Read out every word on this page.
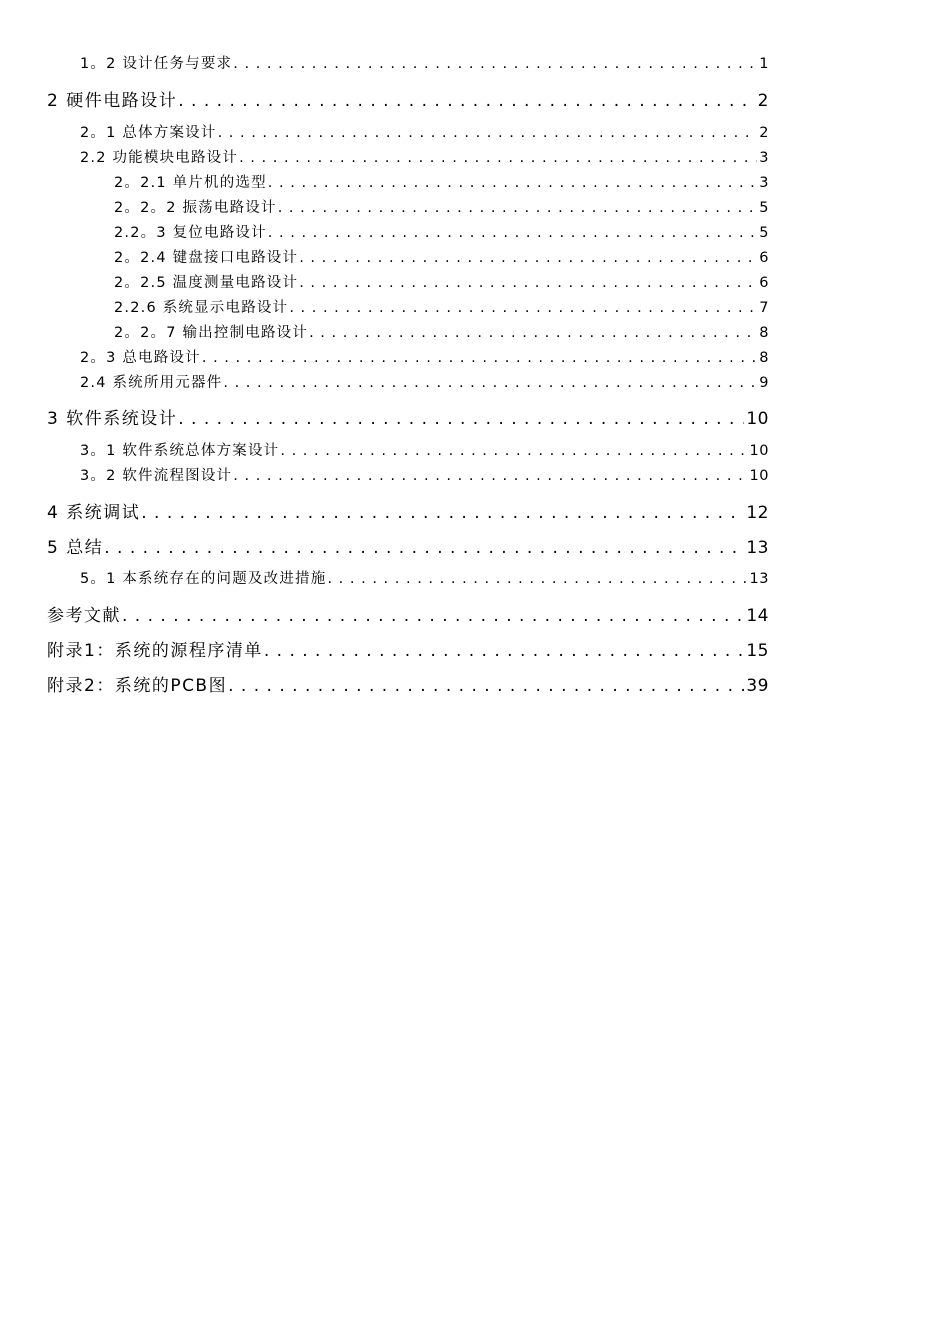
1。2 设计任务与要求 . . .	1
2 硬件电路设计 . . .	2
2。1 总体方案设计 . . .	2
2.2 功能模块电路设计 . . .	3
2。2.1 单片机的选型 . . .	3
2。2。2 振荡电路设计 . . .	5
2.2。3 复位电路设计 . . .	5
2。2.4 键盘接口电路设计 . . .	6
2。2.5 温度测量电路设计 . . .	6
2.2.6 系统显示电路设计 . . .	7
2。2。7 输出控制电路设计 . . .	8
2。3 总电路设计 . . .	8
2.4 系统所用元器件 . . .	9
3 软件系统设计 . . .	10
3。1 软件系统总体方案设计 . . .	10
3。2 软件流程图设计 . . .	10
4 系统调试 . . .	12
5 总结 . . .	13
5。1 本系统存在的问题及改进措施 . . .	13
参考文献 . . .	14
附录1：系统的源程序清单 . . .	15
附录2：系统的PCB图 . . .	39
